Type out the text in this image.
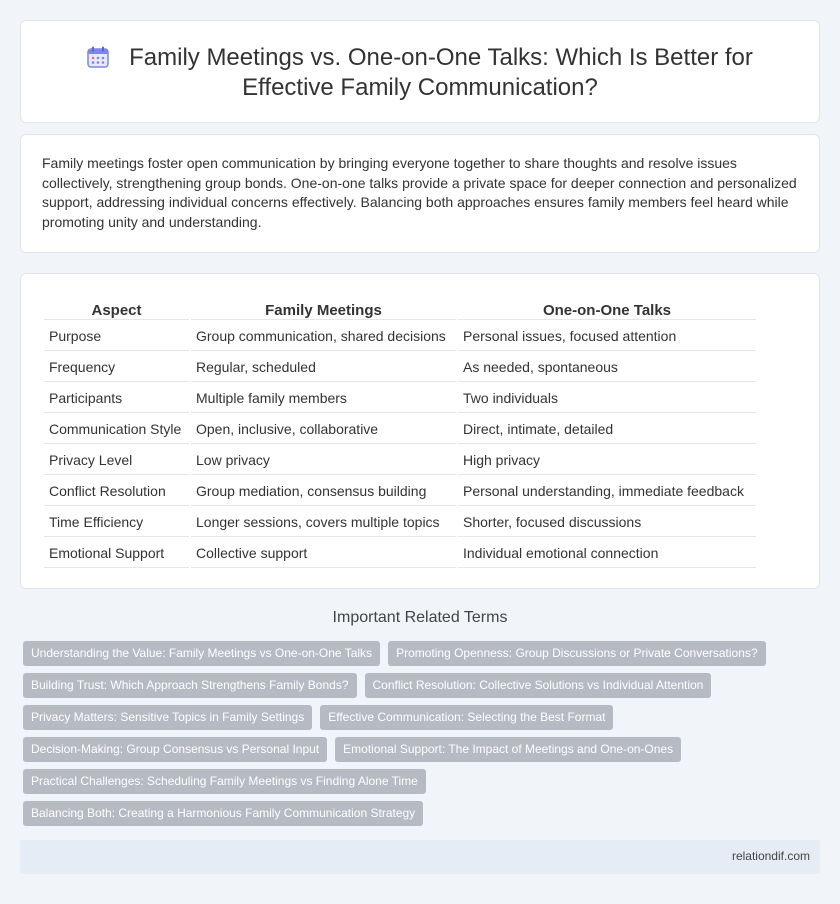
Family Meetings vs. One-on-One Talks: Which Is Better for
Effective Family Communication?

Family meetings foster open communication by bringing everyone together to share thoughts and resolve issues collectively, strengthening group bonds. One-on-one talks provide a private space for deeper connection and personalized support, addressing individual concerns effectively. Balancing both approaches ensures family members feel heard while promoting unity and understanding.

Aspect	Family Meetings	One-on-One Talks
Purpose	Group communication, shared decisions	Personal issues, focused attention
Frequency	Regular, scheduled	As needed, spontaneous
Participants	Multiple family members	Two individuals
Communication Style	Open, inclusive, collaborative	Direct, intimate, detailed
Privacy Level	Low privacy	High privacy
Conflict Resolution	Group mediation, consensus building	Personal understanding, immediate feedback
Time Efficiency	Longer sessions, covers multiple topics	Shorter, focused discussions
Emotional Support	Collective support	Individual emotional connection
Important Related Terms
Understanding the Value: Family Meetings vs One-on-One Talks	Promoting Openness: Group Discussions or Private Conversations?
Building Trust: Which Approach Strengthens Family Bonds?	Conflict Resolution: Collective Solutions vs Individual Attention
Privacy Matters: Sensitive Topics in Family Settings	Effective Communication: Selecting the Best Format
Decision-Making: Group Consensus vs Personal Input	Emotional Support: The Impact of Meetings and One-on-Ones
Practical Challenges: Scheduling Family Meetings vs Finding Alone Time
Balancing Both: Creating a Harmonious Family Communication Strategy
relationdif.com
